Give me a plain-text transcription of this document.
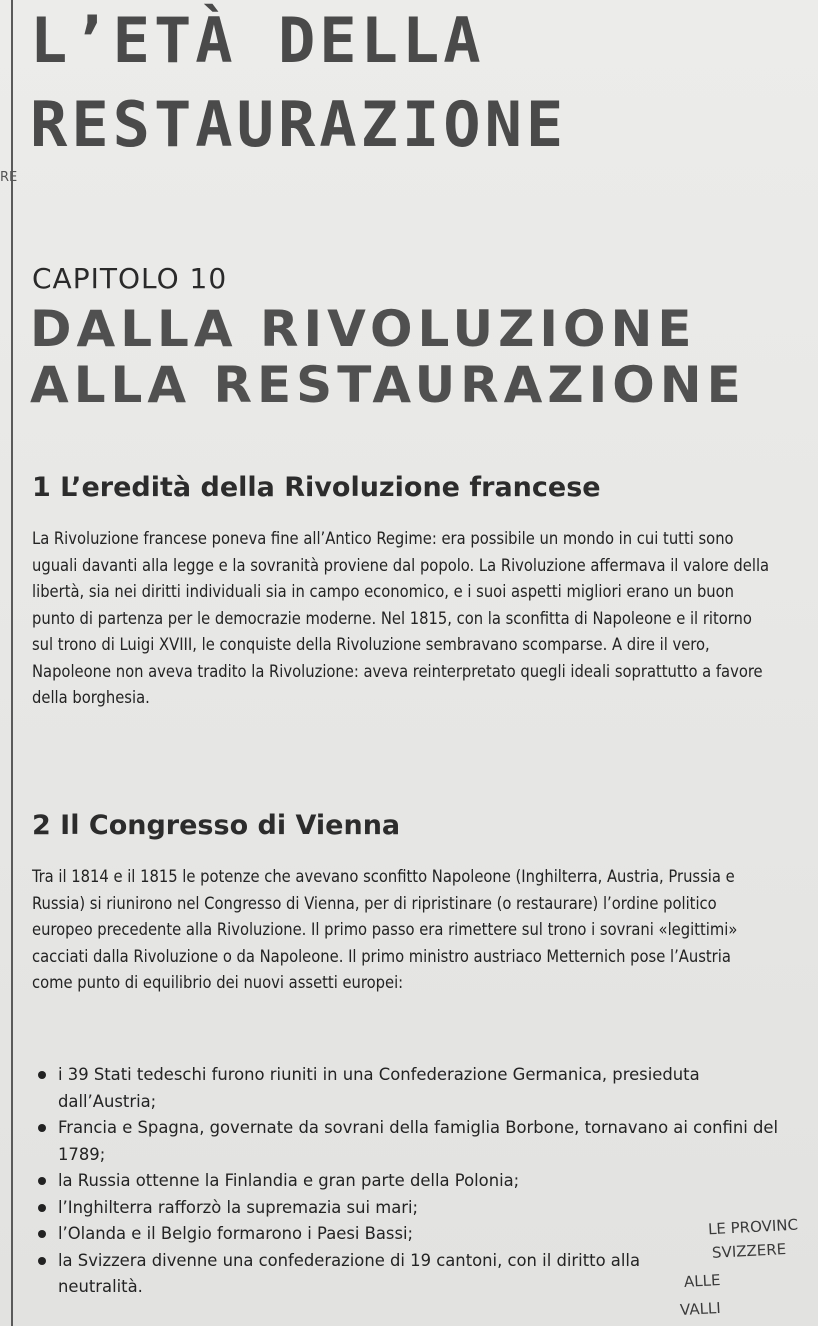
L’ETÀ DELLA
RESTAURAZIONE
RE
CAPITOLO 10
DALLA RIVOLUZIONE
ALLA RESTAURAZIONE
1 L’eredità della Rivoluzione francese

La Rivoluzione francese poneva fine all’Antico Regime: era possibile un mondo in cui tutti sono uguali davanti alla legge e la sovranità proviene dal popolo. La Rivoluzione affermava il valore della libertà, sia nei diritti individuali sia in campo economico, e i suoi aspetti migliori erano un buon punto di partenza per le democrazie moderne. Nel 1815, con la sconfitta di Napoleone e il ritorno sul trono di Luigi XVIII, le conquiste della Rivoluzione sembravano scomparse. A dire il vero, Napoleone non aveva tradito la Rivoluzione: aveva reinterpretato quegli ideali soprattutto a favore della borghesia.

2 Il Congresso di Vienna

Tra il 1814 e il 1815 le potenze che avevano sconfitto Napoleone (Inghilterra, Austria, Prussia e Russia) si riunirono nel Congresso di Vienna, per di ripristinare (o restaurare) l’ordine politico europeo precedente alla Rivoluzione. Il primo passo era rimettere sul trono i sovrani «legittimi» cacciati dalla Rivoluzione o da Napoleone. Il primo ministro austriaco Metternich pose l’Austria come punto di equilibrio dei nuovi assetti europei:

i 39 Stati tedeschi furono riuniti in una Confederazione Germanica, presieduta dall’Austria;
Francia e Spagna, governate da sovrani della famiglia Borbone, tornavano ai confini del 1789;
la Russia ottenne la Finlandia e gran parte della Polonia;
l’Inghilterra rafforzò la supremazia sui mari;
l’Olanda e il Belgio formarono i Paesi Bassi;
la Svizzera divenne una confederazione di 19 cantoni, con il diritto alla neutralità.
LE PROVINC
SVIZZERE
ALLE
VALLI
